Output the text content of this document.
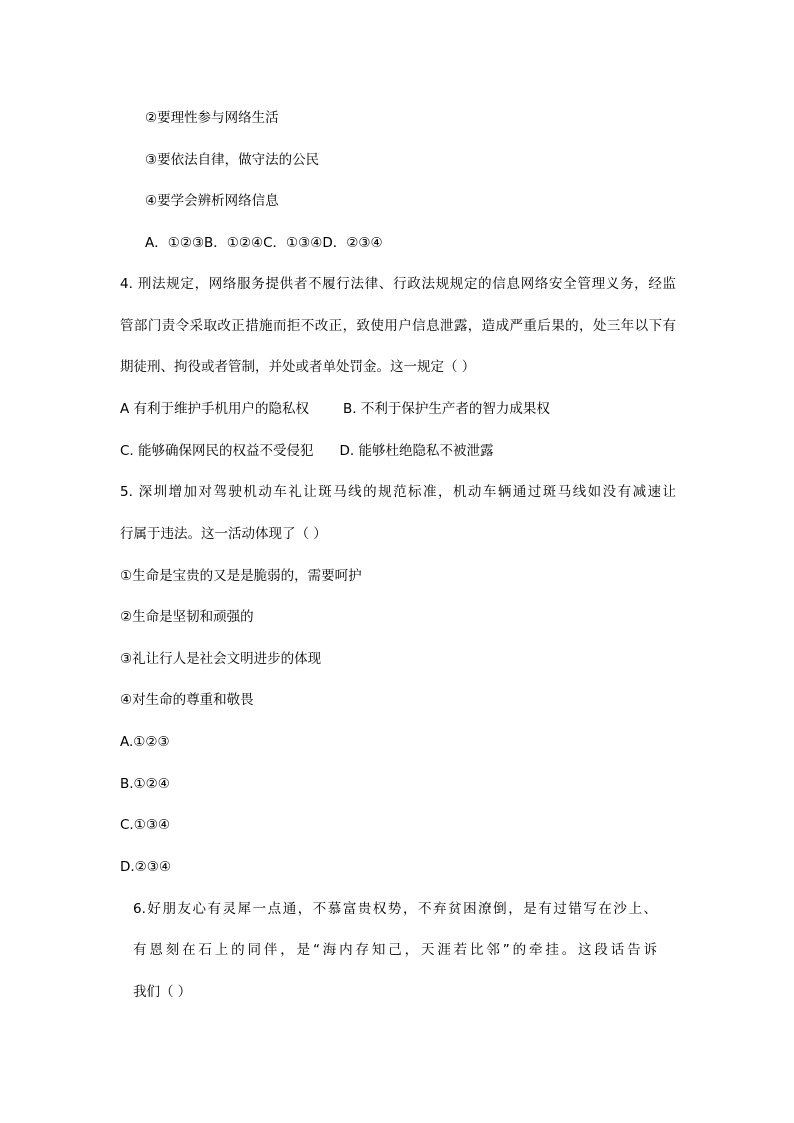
②要理性参与网络生活
③要依法自律，做守法的公民
④要学会辨析网络信息
A．①②③B．①②④C．①③④D．②③④
4. 刑法规定，网络服务提供者不履行法律、行政法规规定的信息网络安全管理义务，经监
管部门责令采取改正措施而拒不改正，致使用户信息泄露，造成严重后果的，处三年以下有
期徒刑、拘役或者管制，并处或者单处罚金。这一规定（ ）
A 有利于维护手机用户的隐私权	B. 不利于保护生产者的智力成果权
C. 能够确保网民的权益不受侵犯 D. 能够杜绝隐私不被泄露
5. 深圳增加对驾驶机动车礼让斑马线的规范标准，机动车辆通过斑马线如没有减速让
行属于违法。这一活动体现了（ ）
①生命是宝贵的又是是脆弱的，需要呵护
②生命是坚韧和顽强的
③礼让行人是社会文明进步的体现
④对生命的尊重和敬畏
A.①②③
B.①②④
C.①③④
D.②③④
6.好朋友心有灵犀一点通，不慕富贵权势，不弃贫困潦倒，是有过错写在沙上、
有恩刻在石上的同伴，是“海内存知己，天涯若比邻”的牵挂。这段话告诉
我们（ ）
